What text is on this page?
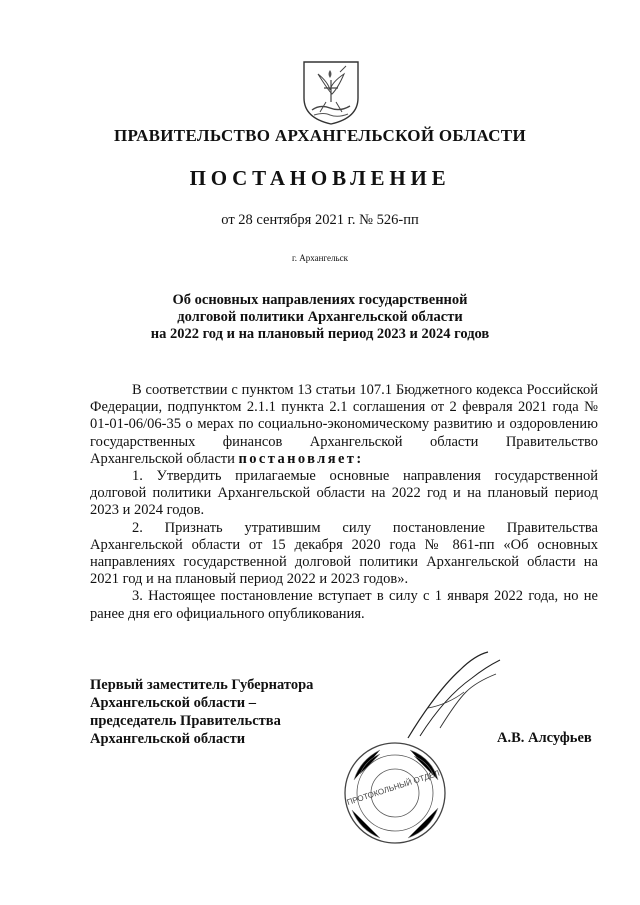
ПРАВИТЕЛЬСТВО АРХАНГЕЛЬСКОЙ ОБЛАСТИ
ПОСТАНОВЛЕНИЕ
от 28 сентября 2021 г. № 526-пп
г. Архангельск
Об основных направлениях государственной
долговой политики Архангельской области
на 2022 год и на плановый период 2023 и 2024 годов

В соответствии с пунктом 13 статьи 107.1 Бюджетного кодекса Российской Федерации, подпунктом 2.1.1 пункта 2.1 соглашения от 2 февраля 2021 года № 01-01-06/06-35 о мерах по социально-экономическому развитию и оздоровлению государственных финансов Архангельской области Правительство Архангельской области постановляет:

1. Утвердить прилагаемые основные направления государственной долговой политики Архангельской области на 2022 год и на плановый период 2023 и 2024 годов.

2. Признать утратившим силу постановление Правительства Архангельской области от 15 декабря 2020 года № 861-пп «Об основных направлениях государственной долговой политики Архангельской области на 2021 год и на плановый период 2022 и 2023 годов».

3. Настоящее постановление вступает в силу с 1 января 2022 года, но не ранее дня его официального опубликования.

Первый заместитель Губернатора
Архангельской области –
председатель Правительства
Архангельской области	А.В. Алсуфьев
ПРОТОКОЛЬНЫЙ ОТДЕЛ
